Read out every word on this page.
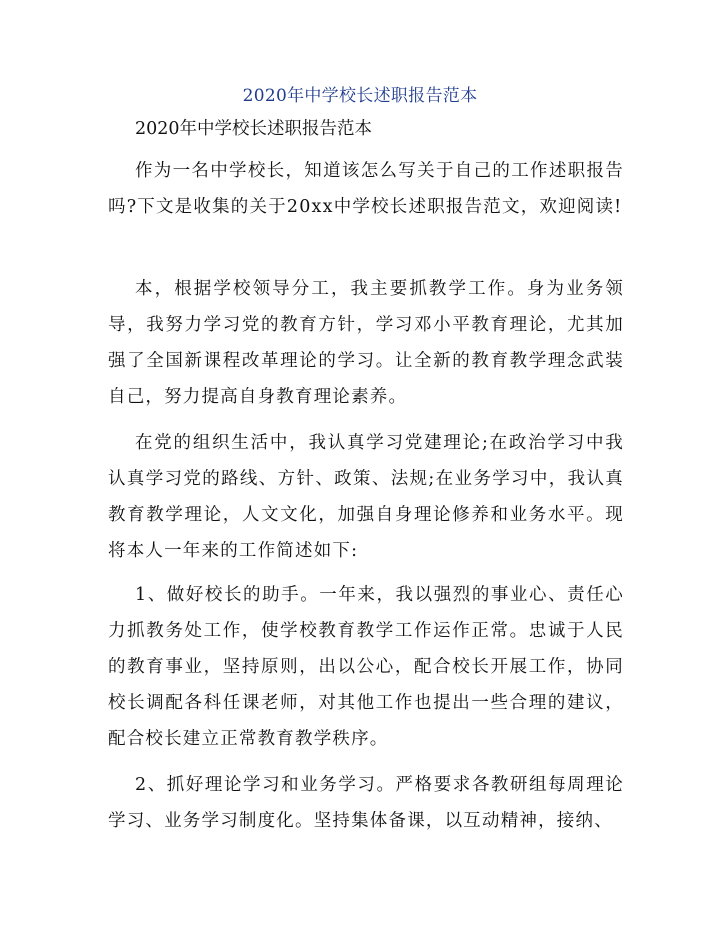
2020年中学校长述职报告范本
2020年中学校长述职报告范本

作为一名中学校长，知道该怎么写关于自己的工作述职报告吗?下文是收集的关于20xx中学校长述职报告范文，欢迎阅读!

本，根据学校领导分工，我主要抓教学工作。身为业务领导，我努力学习党的教育方针，学习邓小平教育理论，尤其加强了全国新课程改革理论的学习。让全新的教育教学理念武装自己，努力提高自身教育理论素养。

在党的组织生活中，我认真学习党建理论;在政治学习中我认真学习党的路线、方针、政策、法规;在业务学习中，我认真教育教学理论，人文文化，加强自身理论修养和业务水平。现将本人一年来的工作简述如下:

1、做好校长的助手。一年来，我以强烈的事业心、责任心力抓教务处工作，使学校教育教学工作运作正常。忠诚于人民的教育事业，坚持原则，出以公心，配合校长开展工作，协同校长调配各科任课老师，对其他工作也提出一些合理的建议，配合校长建立正常教育教学秩序。

2、抓好理论学习和业务学习。严格要求各教研组每周理论学习、业务学习制度化。坚持集体备课，以互动精神，接纳、
